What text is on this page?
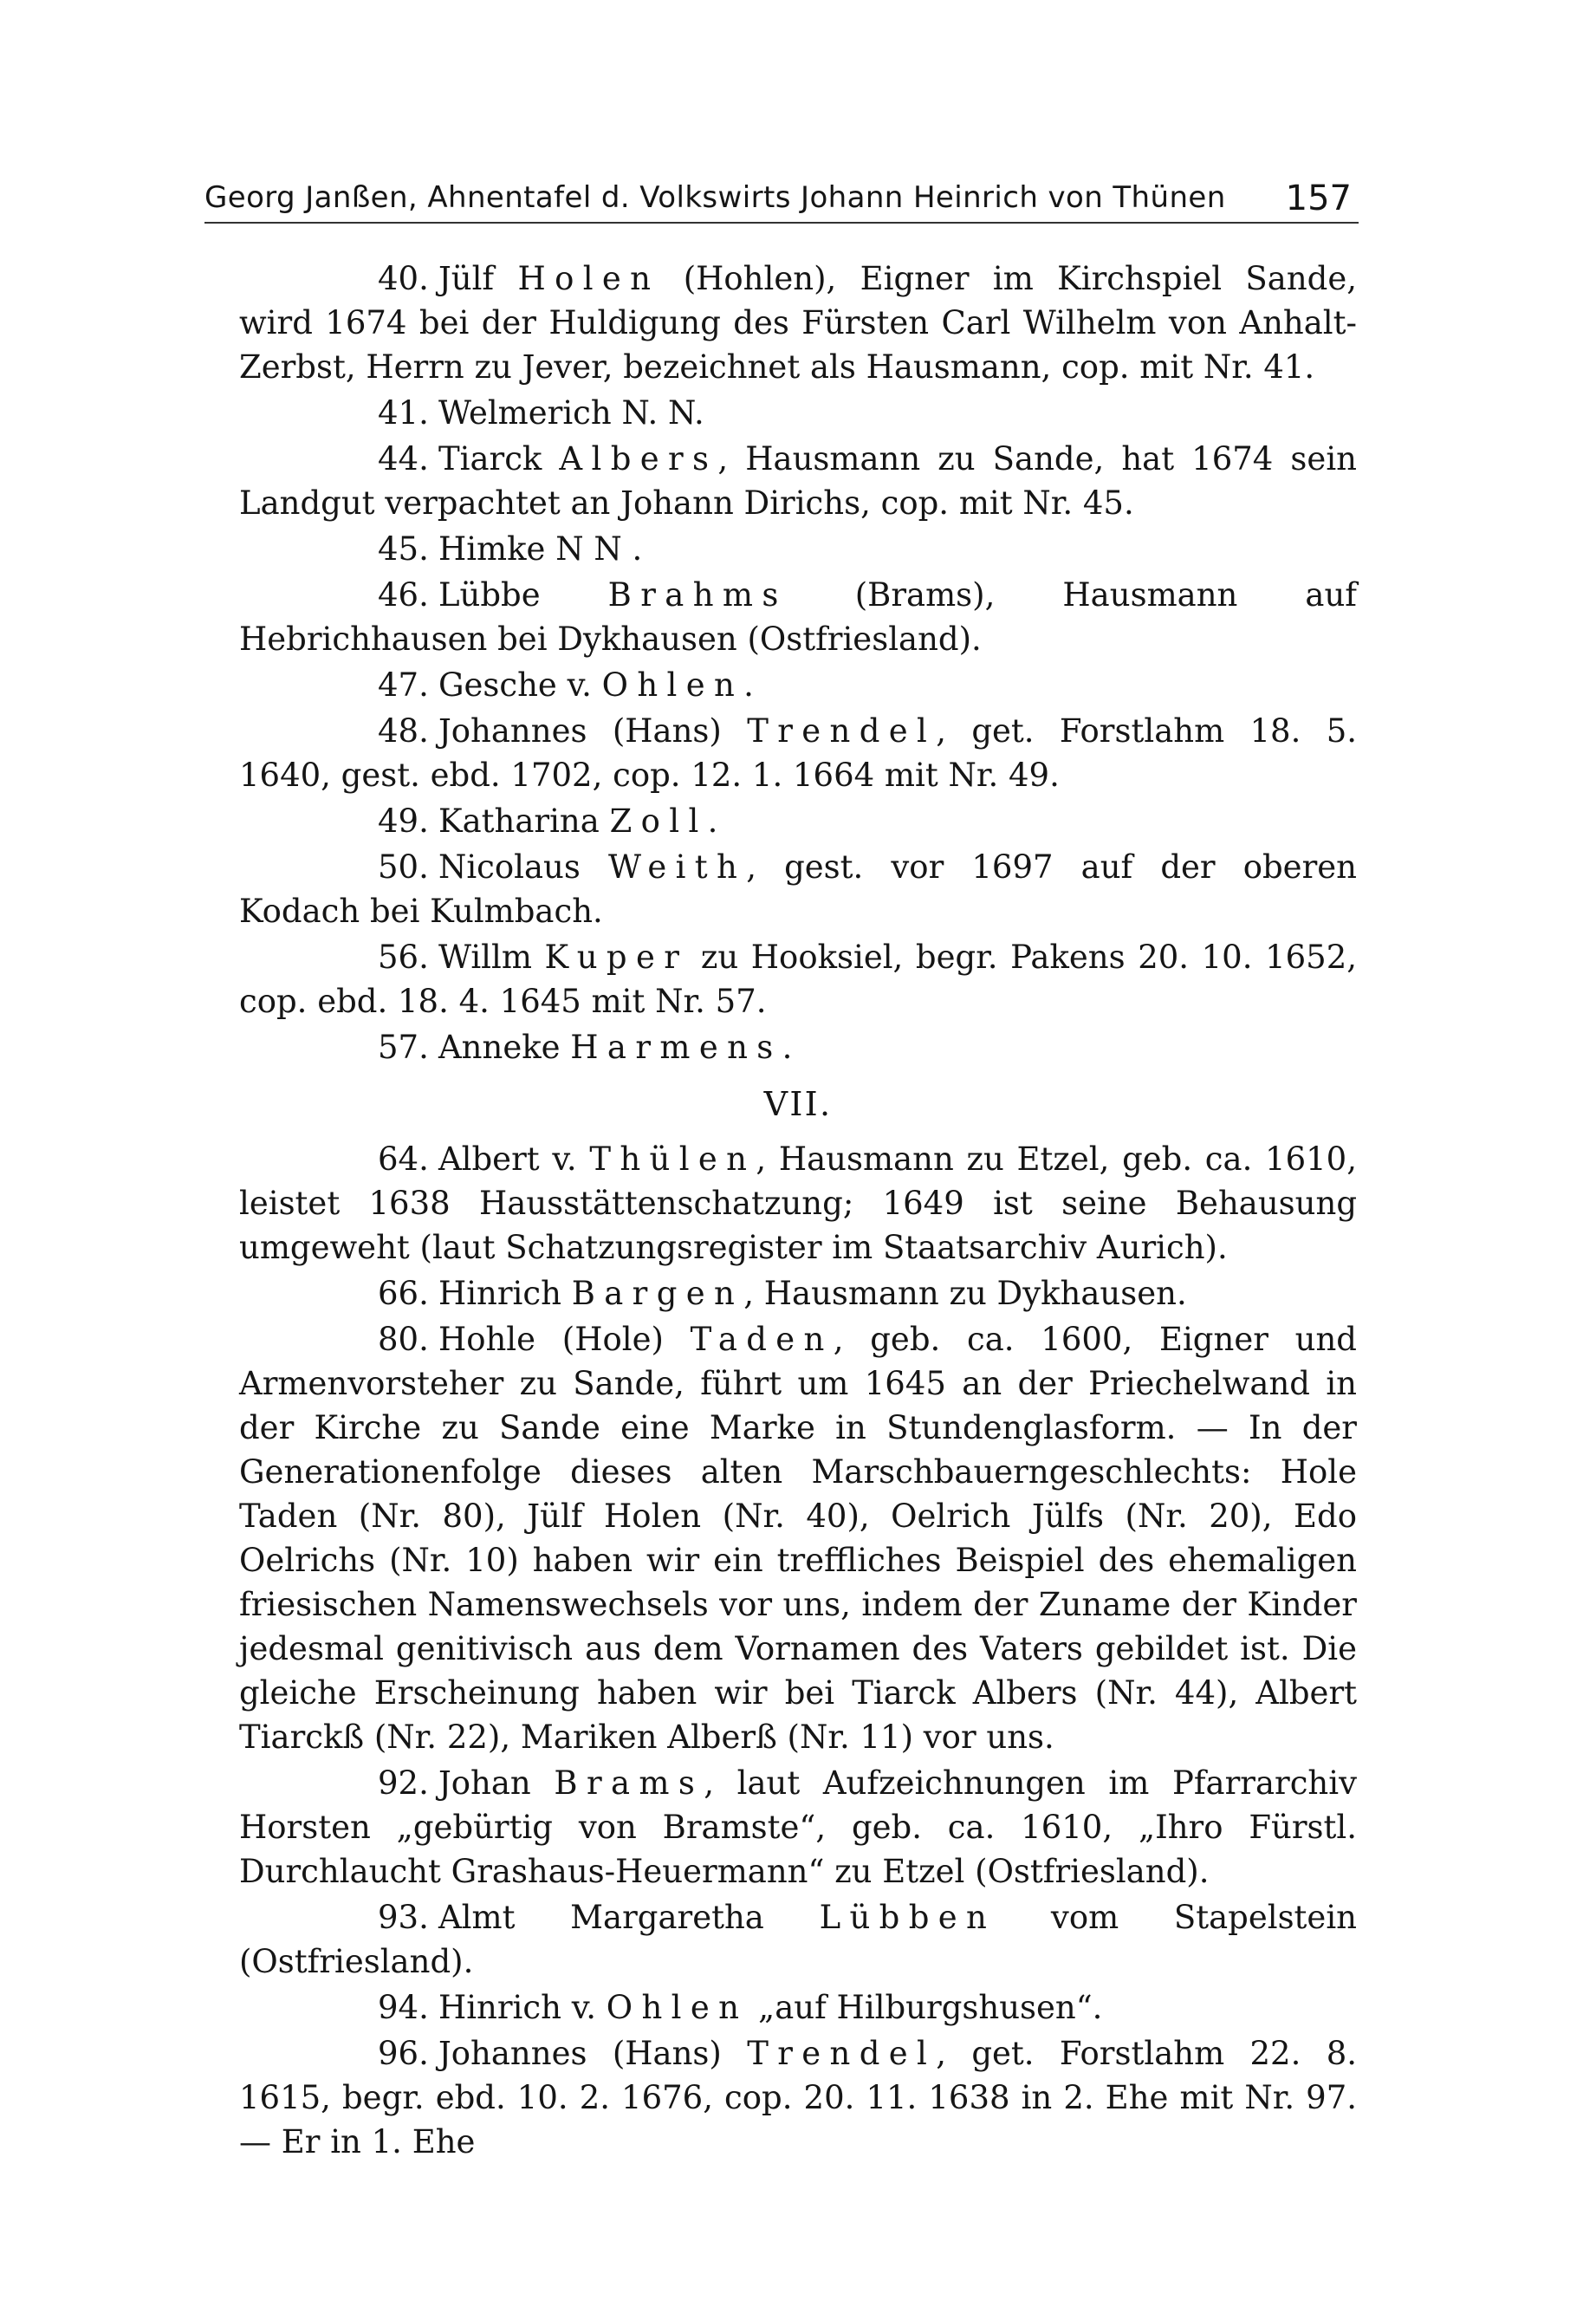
Georg Janßen, Ahnentafel d. Volkswirts Johann Heinrich von Thünen 157

40. Jülf Holen (Hohlen), Eigner im Kirchspiel Sande, wird 1674 bei der Huldigung des Fürsten Carl Wilhelm von Anhalt-Zerbst, Herrn zu Jever, bezeichnet als Hausmann, cop. mit Nr. 41.

41. Welmerich N. N.

44. Tiarck Albers, Hausmann zu Sande, hat 1674 sein Landgut verpachtet an Johann Dirichs, cop. mit Nr. 45.

45. Himke N N .

46. Lübbe Brahms (Brams), Hausmann auf Hebrichhausen bei Dykhausen (Ostfriesland).

47. Gesche v. Ohlen.

48. Johannes (Hans) Trendel, get. Forstlahm 18. 5. 1640, gest. ebd. 1702, cop. 12. 1. 1664 mit Nr. 49.

49. Katharina Zoll.

50. Nicolaus Weith, gest. vor 1697 auf der oberen Kodach bei Kulmbach.

56. Willm Kuper zu Hooksiel, begr. Pakens 20. 10. 1652, cop. ebd. 18. 4. 1645 mit Nr. 57.

57. Anneke Harmens.

VII.

64. Albert v. Thülen, Hausmann zu Etzel, geb. ca. 1610, leistet 1638 Hausstättenschatzung; 1649 ist seine Behausung umgeweht (laut Schatzungsregister im Staatsarchiv Aurich).

66. Hinrich Bargen, Hausmann zu Dykhausen.

80. Hohle (Hole) Taden, geb. ca. 1600, Eigner und Armenvorsteher zu Sande, führt um 1645 an der Priechelwand in der Kirche zu Sande eine Marke in Stundenglasform. — In der Generationenfolge dieses alten Marschbauerngeschlechts: Hole Taden (Nr. 80), Jülf Holen (Nr. 40), Oelrich Jülfs (Nr. 20), Edo Oelrichs (Nr. 10) haben wir ein treffliches Beispiel des ehemaligen friesischen Namenswechsels vor uns, indem der Zuname der Kinder jedesmal genitivisch aus dem Vornamen des Vaters gebildet ist. Die gleiche Erscheinung haben wir bei Tiarck Albers (Nr. 44), Albert Tiarckß (Nr. 22), Mariken Alberß (Nr. 11) vor uns.

92. Johan Brams, laut Aufzeichnungen im Pfarrarchiv Horsten „gebürtig von Bramste“, geb. ca. 1610, „Ihro Fürstl. Durchlaucht Grashaus-Heuermann“ zu Etzel (Ostfriesland).

93. Almt Margaretha Lübben vom Stapelstein (Ostfriesland).

94. Hinrich v. Ohlen „auf Hilburgshusen“.

96. Johannes (Hans) Trendel, get. Forstlahm 22. 8. 1615, begr. ebd. 10. 2. 1676, cop. 20. 11. 1638 in 2. Ehe mit Nr. 97. — Er in 1. Ehe
